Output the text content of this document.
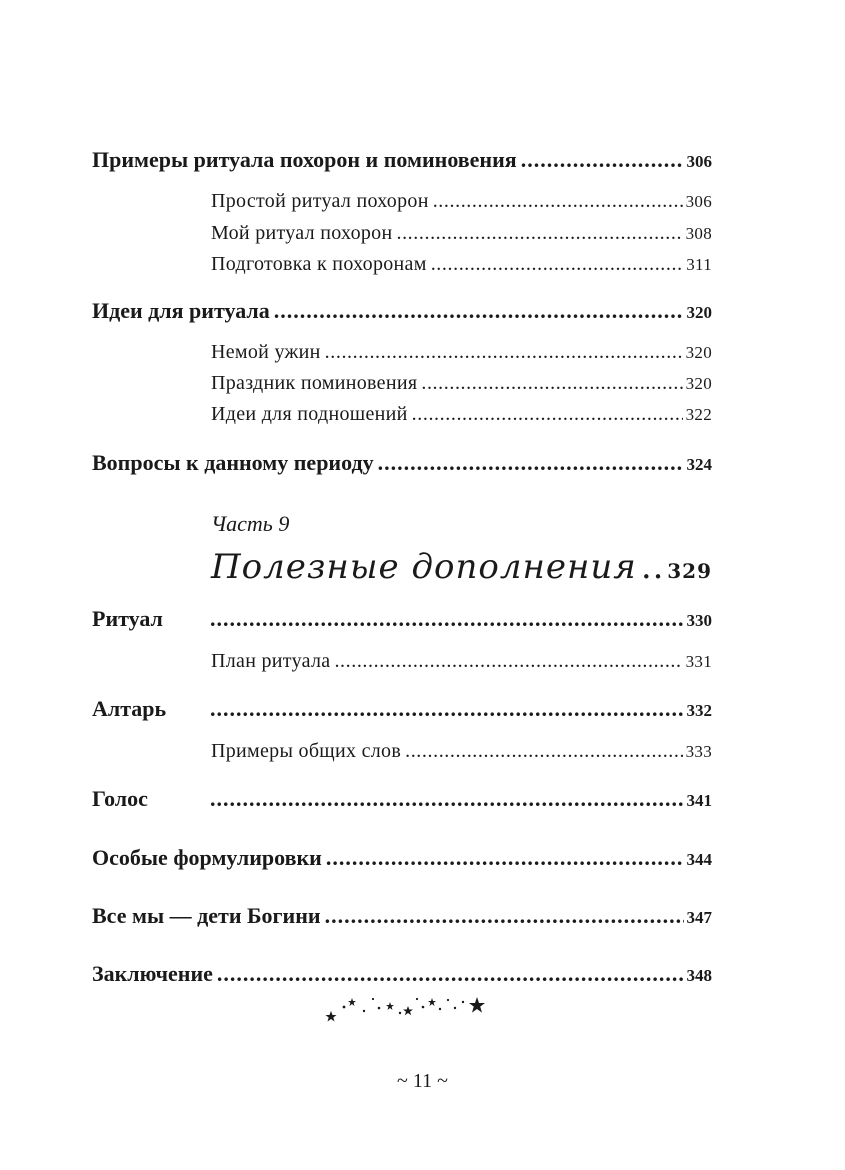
Примеры ритуала похорон и поминовения .....	306
Простой ритуал похорон .....	306
Мой ритуал похорон .....	308
Подготовка к похоронам .....	311
Идеи для ритуала .....	320
Немой ужин .....	320
Праздник поминовения .....	320
Идеи для подношений .....	322
Вопросы к данному периоду .....	324
Часть 9
Полезные дополнения ..... 329
Ритуал .....	330
План ритуала .....	331
Алтарь .....	332
Примеры общих слов .....	333
Голос .....	341
Особые формулировки .....	344
Все мы — дети Богини .....	347
Заключение .....	348
~ 11 ~
